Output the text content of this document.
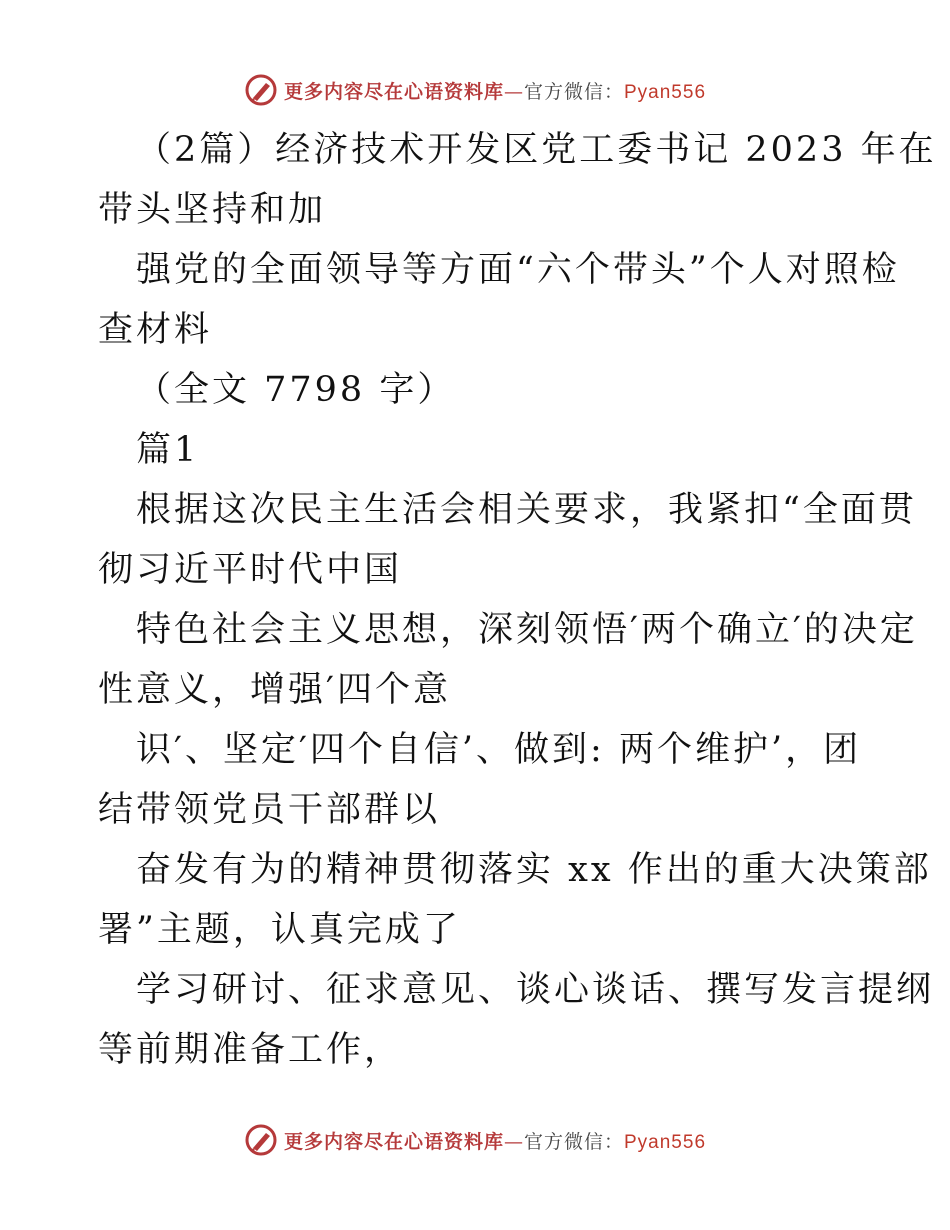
更多内容尽在心语资料库—官方微信：Pyan556
（2篇）经济技术开发区党工委书记 2023 年在
带头坚持和加
强党的全面领导等方面“六个带头”个人对照检
查材料
（全文 7798 字）
篇1
根据这次民主生活会相关要求，我紧扣“全面贯
彻习近平时代中国
特色社会主义思想，深刻领悟′两个确立′的决定
性意义，增强′四个意
识′、坚定′四个自信’、做到: 两个维护’，团
结带领党员干部群以
奋发有为的精神贯彻落实 xx 作出的重大决策部
署”主题，认真完成了
学习研讨、征求意见、谈心谈话、撰写发言提纲
等前期准备工作，
更多内容尽在心语资料库—官方微信：Pyan556
